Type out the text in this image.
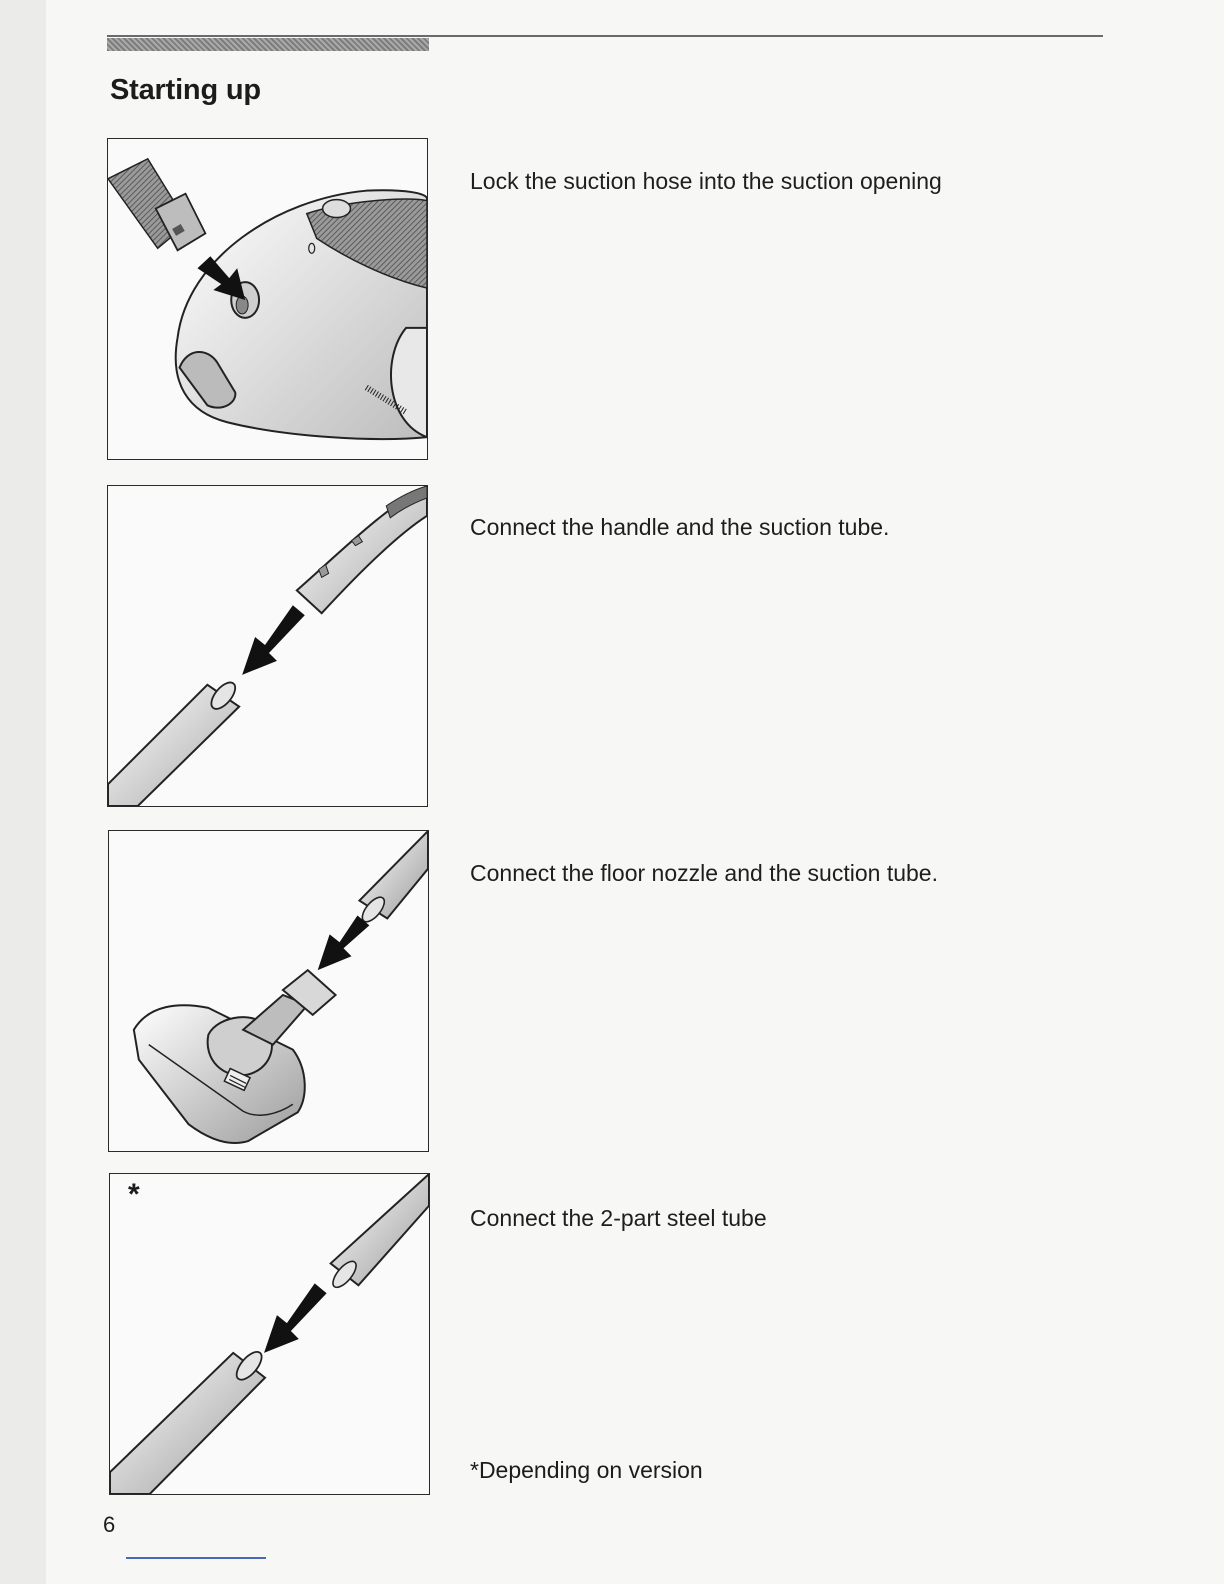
Starting up

Lock the suction hose into the suction opening

Connect the handle and the suction tube.

Connect the floor nozzle and the suction tube.

*

Connect the 2-part steel tube

*Depending on version

6
